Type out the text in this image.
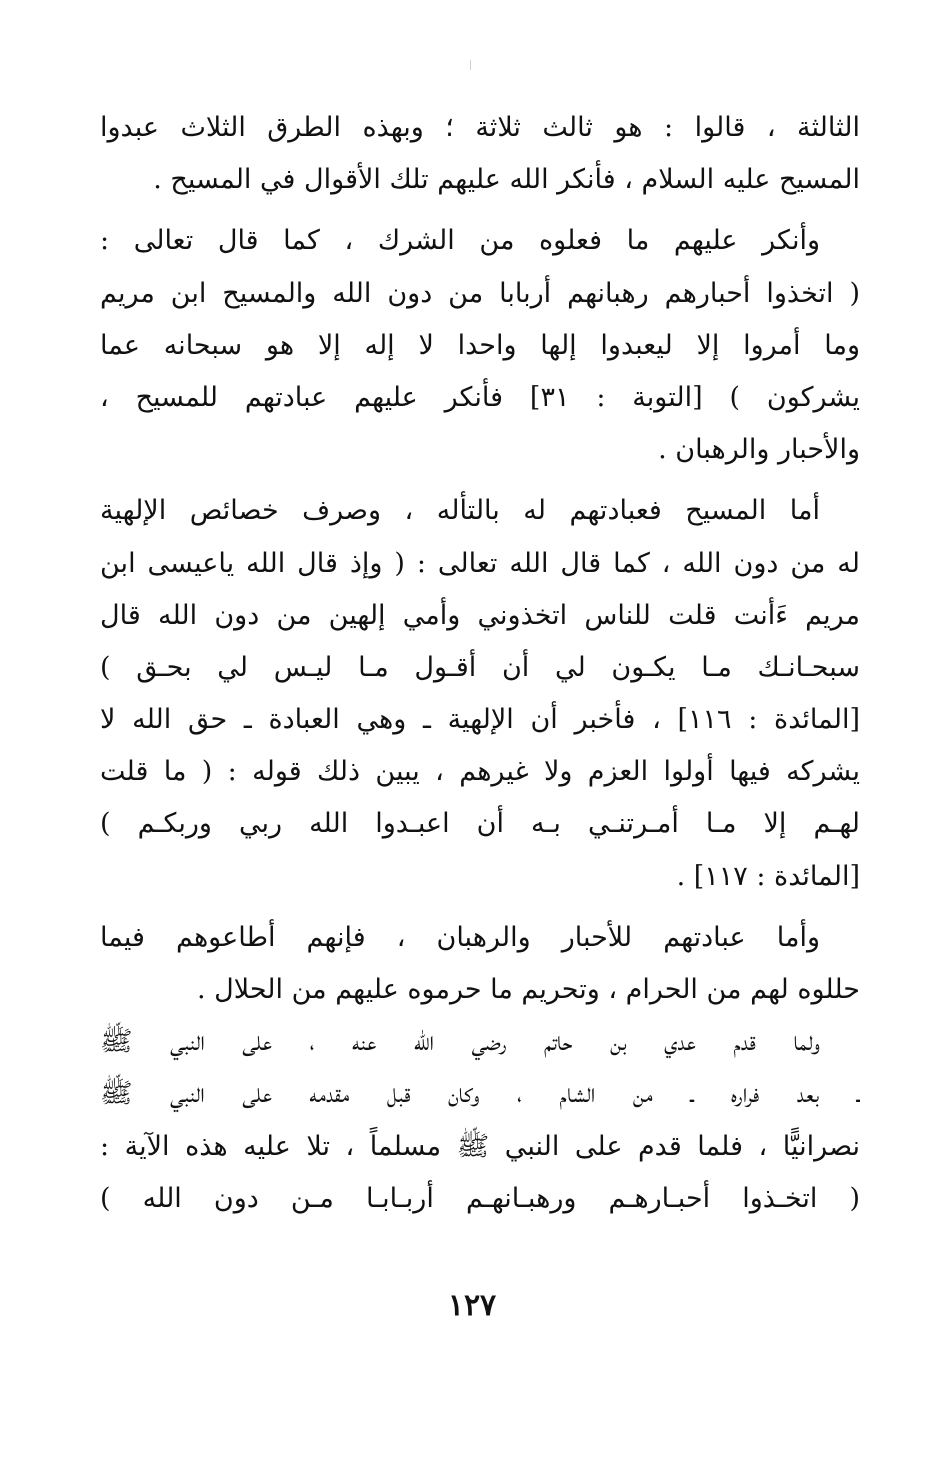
الثالثة ، قالوا : هو ثالث ثلاثة ؛ وبهذه الطرق الثلاث عبدوا
المسيح عليه السلام ، فأنكر الله عليهم تلك الأقوال في المسيح .
وأنكر عليهم ما فعلوه من الشرك ، كما قال تعالى :
( اتخذوا أحبارهم رهبانهم أربابا من دون الله والمسيح ابن مريم
وما أمروا إلا ليعبدوا إلها واحدا لا إله إلا هو سبحانه عما
يشركون ) [التوبة : ٣١] فأنكر عليهم عبادتهم للمسيح ،
والأحبار والرهبان .
أما المسيح فعبادتهم له بالتأله ، وصرف خصائص الإلهية
له من دون الله ، كما قال الله تعالى : ( وإذ قال الله ياعيسى ابن
مريم ءَأنت قلت للناس اتخذوني وأمي إلهين من دون الله قال
سبحـانـك مـا يكـون لي أن أقـول مـا ليـس لي بحـق )
[المائدة : ١١٦] ، فأخبر أن الإلهية ـ وهي العبادة ـ حق الله لا
يشركه فيها أولوا العزم ولا غيرهم ، يبين ذلك قوله : ( ما قلت
لهـم إلا مـا أمـرتنـي بـه أن اعبـدوا الله ربي وربكـم )
[المائدة : ١١٧] .
وأما عبادتهم للأحبار والرهبان ، فإنهم أطاعوهم فيما
حللوه لهم من الحرام ، وتحريم ما حرموه عليهم من الحلال .
ولما قدم عدي بن حاتم رضي الله عنه ، على النبي ﷺ
ـ بعد فراره ـ من الشام ، وكان قبل مقدمه على النبي ﷺ
نصرانيًّا ، فلما قدم على النبي ﷺ مسلماً ، تلا عليه هذه الآية :
( اتخـذوا أحبـارهـم ورهبـانهـم أربـابـا مـن دون الله )
١٢٧
